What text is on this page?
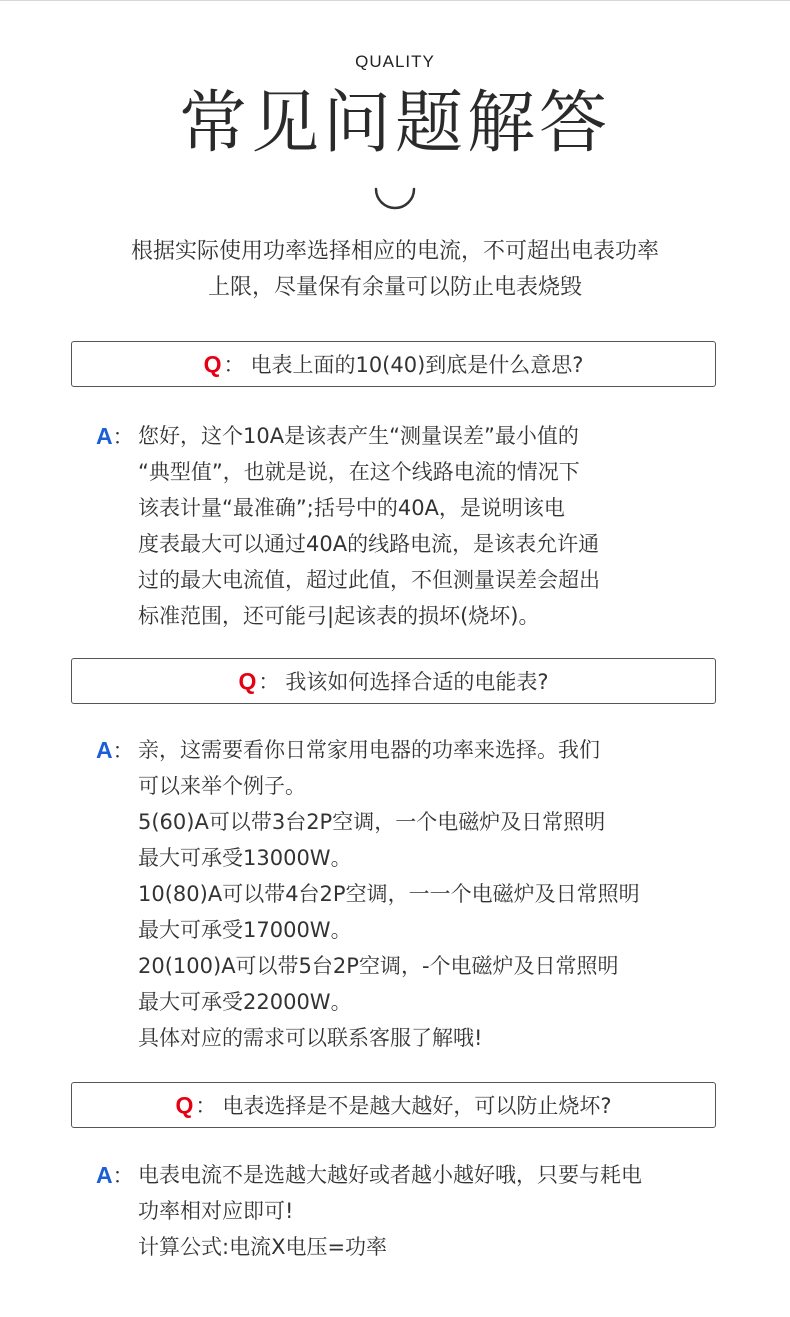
QUALITY
常见问题解答
根据实际使用功率选择相应的电流，不可超出电表功率
上限，尽量保有余量可以防止电表烧毁
Q ： 电表上面的10(40)到底是什么意思?
A： 您好，这个10A是该表产生“测量误差”最小值的
“典型值”，也就是说，在这个线路电流的情况下
该表计量“最准确”;括号中的40A，是说明该电
度表最大可以通过40A的线路电流，是该表允许通
过的最大电流值，超过此值，不但测量误差会超出
标准范围，还可能弓|起该表的损坏(烧坏)。
Q ： 我该如何选择合适的电能表?
A： 亲，这需要看你日常家用电器的功率来选择。我们
可以来举个例子。
5(60)A可以带3台2P空调，一个电磁炉及日常照明
最大可承受13000W。
10(80)A可以带4台2P空调，一一个电磁炉及日常照明
最大可承受17000W。
20(100)A可以带5台2P空调，-个电磁炉及日常照明
最大可承受22000W。
具体对应的需求可以联系客服了解哦!
Q ： 电表选择是不是越大越好，可以防止烧坏?
A： 电表电流不是选越大越好或者越小越好哦，只要与耗电
功率相对应即可!
计算公式:电流X电压=功率
